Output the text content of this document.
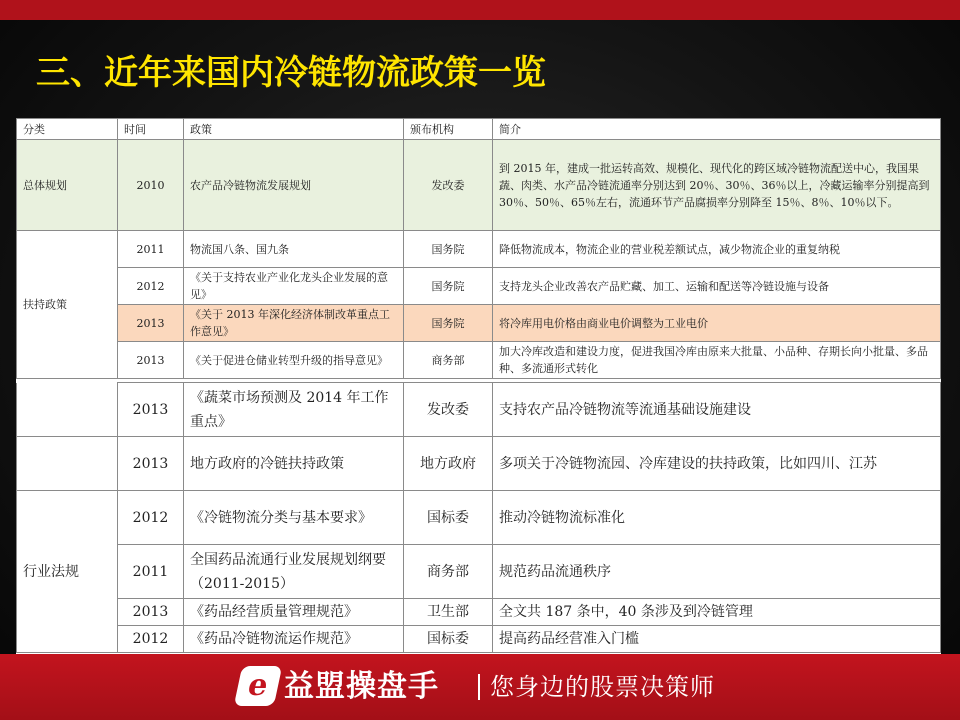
三、近年来国内冷链物流政策一览
分类	时间	政策	颁布机构	简介
总体规划	2010	农产品冷链物流发展规划	发改委	到 2015 年，建成一批运转高效、规模化、现代化的跨区域冷链物流配送中心，我国果蔬、肉类、水产品冷链流通率分别达到 20％、30％、36％以上，冷藏运输率分别提高到 30％、50％、65％左右，流通环节产品腐损率分别降至 15％、8％、10％以下。
扶持政策	2011	物流国八条、国九条	国务院	降低物流成本，物流企业的营业税差额试点，减少物流企业的重复纳税
	2012	《关于支持农业产业化龙头企业发展的意见》	国务院	支持龙头企业改善农产品贮藏、加工、运输和配送等冷链设施与设备
	2013	《关于 2013 年深化经济体制改革重点工作意见》	国务院	将冷库用电价格由商业电价调整为工业电价
	2013	《关于促进仓储业转型升级的指导意见》	商务部	加大冷库改造和建设力度，促进我国冷库由原来大批量、小品种、存期长向小批量、多品种、多流通形式转化
	2013	《蔬菜市场预测及 2014 年工作重点》	发改委	支持农产品冷链物流等流通基础设施建设
	2013	地方政府的冷链扶持政策	地方政府	多项关于冷链物流园、冷库建设的扶持政策，比如四川、江苏
行业法规	2012	《冷链物流分类与基本要求》	国标委	推动冷链物流标准化
	2011	全国药品流通行业发展规划纲要（2011-2015）	商务部	规范药品流通秩序
	2013	《药品经营质量管理规范》	卫生部	全文共 187 条中，40 条涉及到冷链管理
	2012	《药品冷链物流运作规范》	国标委	提高药品经营准入门槛
e 益盟操盘手 您身边的股票决策师
